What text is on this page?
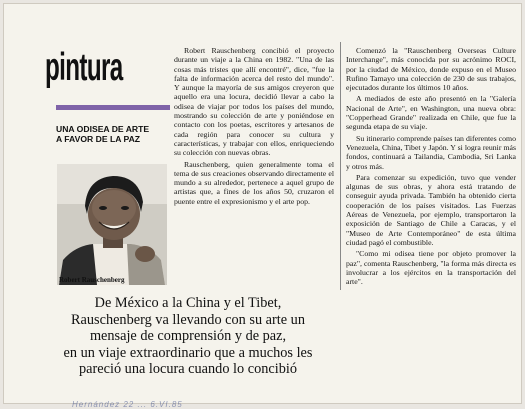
pintura
UNA ODISEA DE ARTE
A FAVOR DE LA PAZ
Robert Rauschenberg

Robert Rauschenberg concibió el proyecto durante un viaje a la China en 1982. "Una de las cosas más tristes que allí encontré", dice, "fue la falta de información acerca del resto del mundo". Y aunque la mayoría de sus amigos creyeron que aquello era una locura, decidió llevar a cabo la odisea de viajar por todos los países del mundo, mostrando su colección de arte y poniéndose en contacto con los poetas, escritores y artesanos de cada región para conocer su cultura y características, y trabajar con ellos, enriqueciendo su colección con nuevas obras.

Rauschenberg, quien generalmente toma el tema de sus creaciones observando directamente el mundo a su alrededor, pertenece a aquel grupo de artistas que, a fines de los años 50, cruzaron el puente entre el expresionismo y el arte pop.

Comenzó la "Rauschenberg Overseas Culture Interchange", más conocida por su acrónimo ROCI, por la ciudad de México, donde expuso en el Museo Rufino Tamayo una colección de 230 de sus trabajos, ejecutados durante los últimos 10 años.

A mediados de este año presentó en la "Galería Nacional de Arte", en Washington, una nueva obra: "Copperhead Grande" realizada en Chile, que fue la segunda etapa de su viaje.

Su itinerario comprende países tan diferentes como Venezuela, China, Tibet y Japón. Y si logra reunir más fondos, continuará a Tailandia, Cambodia, Sri Lanka y otros más.

Para comenzar su expedición, tuvo que vender algunas de sus obras, y ahora está tratando de conseguir ayuda privada. También ha obtenido cierta cooperación de los países visitados. Las Fuerzas Aéreas de Venezuela, por ejemplo, transportaron la exposición de Santiago de Chile a Caracas, y el "Museo de Arte Contemporáneo" de esta última ciudad pagó el combustible.

"Como mi odisea tiene por objeto promover la paz", comenta Rauschenberg, "la forma más directa es involucrar a los ejércitos en la transportación del arte".

De México a la China y el Tibet,
Rauschenberg va llevando con su arte un
mensaje de comprensión y de paz,
en un viaje extraordinario que a muchos les
pareció una locura cuando lo concibió
Hernández 22 ... 6.VI.85
